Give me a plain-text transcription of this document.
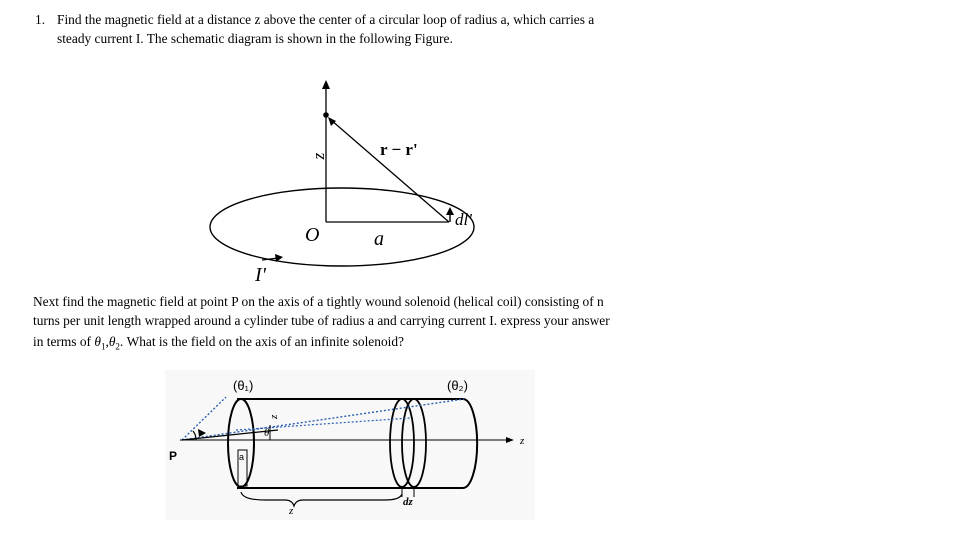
1. Find the magnetic field at a distance z above the center of a circular loop of radius a, which carries a
steady current I. The schematic diagram is shown in the following Figure.
z	r − r'
dl'
O	a
I'
Next find the magnetic field at point P on the axis of a tightly wound solenoid (helical coil) consisting of n
turns per unit length wrapped around a cylinder tube of radius a and carrying current I. express your answer
in terms of $\theta_1,\theta_2$. What is the field on the axis of an infinite solenoid?
(θ₁)	(θ₂)
P	a
z
θ
z
dz
z
